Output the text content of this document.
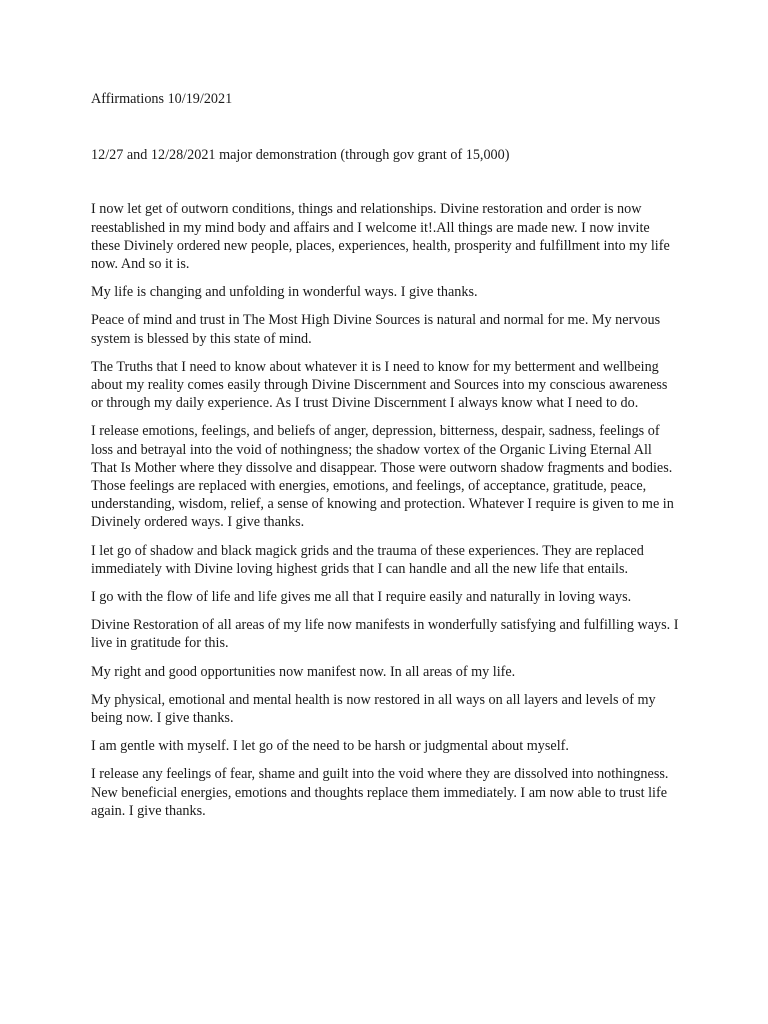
Affirmations 10/19/2021
12/27 and 12/28/2021 major demonstration (through gov grant of 15,000)

I now let get of outworn conditions, things and relationships. Divine restoration and order is now reestablished in my mind body and affairs and I welcome it!.All things are made new. I now invite these Divinely ordered new people, places, experiences, health, prosperity and fulfillment into my life now. And so it is.

My life is changing and unfolding in wonderful ways. I give thanks.

Peace of mind and trust in The Most High Divine Sources is natural and normal for me. My nervous system is blessed by this state of mind.

The Truths that I need to know about whatever it is I need to know for my betterment and wellbeing about my reality comes easily through Divine Discernment and Sources into my conscious awareness or through my daily experience. As I trust Divine Discernment I always know what I need to do.

I release emotions, feelings, and beliefs of anger, depression, bitterness, despair, sadness, feelings of loss and betrayal into the void of nothingness; the shadow vortex of the Organic Living Eternal All That Is Mother where they dissolve and disappear. Those were outworn shadow fragments and bodies. Those feelings are replaced with energies, emotions, and feelings, of acceptance, gratitude, peace, understanding, wisdom, relief, a sense of knowing and protection. Whatever I require is given to me in Divinely ordered ways. I give thanks.

I let go of shadow and black magick grids and the trauma of these experiences. They are replaced immediately with Divine loving highest grids that I can handle and all the new life that entails.

I go with the flow of life and life gives me all that I require easily and naturally in loving ways.

Divine Restoration of all areas of my life now manifests in wonderfully satisfying and fulfilling ways. I live in gratitude for this.

My right and good opportunities now manifest now. In all areas of my life.

My physical, emotional and mental health is now restored in all ways on all layers and levels of my being now. I give thanks.

I am gentle with myself. I let go of the need to be harsh or judgmental about myself.

I release any feelings of fear, shame and guilt into the void where they are dissolved into nothingness. New beneficial energies, emotions and thoughts replace them immediately. I am now able to trust life again. I give thanks.
